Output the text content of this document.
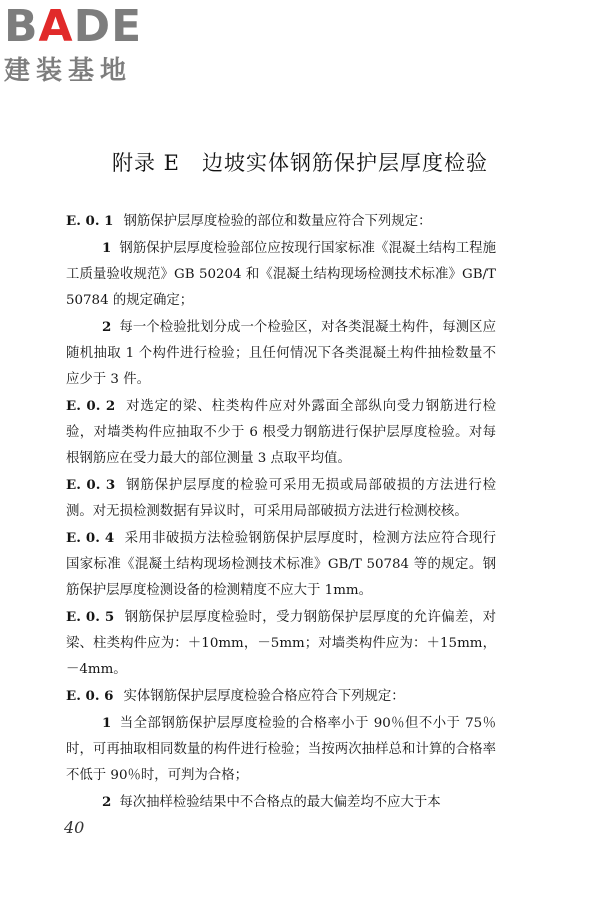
BADE
建装基地
附录 E　边坡实体钢筋保护层厚度检验

E. 0. 1 钢筋保护层厚度检验的部位和数量应符合下列规定：

1 钢筋保护层厚度检验部位应按现行国家标准《混凝土结构工程施工质量验收规范》GB 50204 和《混凝土结构现场检测技术标准》GB/T 50784 的规定确定；

2 每一个检验批划分成一个检验区，对各类混凝土构件，每测区应随机抽取 1 个构件进行检验；且任何情况下各类混凝土构件抽检数量不应少于 3 件。

E. 0. 2 对选定的梁、柱类构件应对外露面全部纵向受力钢筋进行检验，对墙类构件应抽取不少于 6 根受力钢筋进行保护层厚度检验。对每根钢筋应在受力最大的部位测量 3 点取平均值。

E. 0. 3 钢筋保护层厚度的检验可采用无损或局部破损的方法进行检测。对无损检测数据有异议时，可采用局部破损方法进行检测校核。

E. 0. 4 采用非破损方法检验钢筋保护层厚度时，检测方法应符合现行国家标准《混凝土结构现场检测技术标准》GB/T 50784 等的规定。钢筋保护层厚度检测设备的检测精度不应大于 1mm。

E. 0. 5 钢筋保护层厚度检验时，受力钢筋保护层厚度的允许偏差，对梁、柱类构件应为：＋10mm，－5mm；对墙类构件应为：＋15mm，－4mm。

E. 0. 6 实体钢筋保护层厚度检验合格应符合下列规定：

1 当全部钢筋保护层厚度检验的合格率小于 90％但不小于 75％时，可再抽取相同数量的构件进行检验；当按两次抽样总和计算的合格率不低于 90％时，可判为合格；

2 每次抽样检验结果中不合格点的最大偏差均不应大于本

40
